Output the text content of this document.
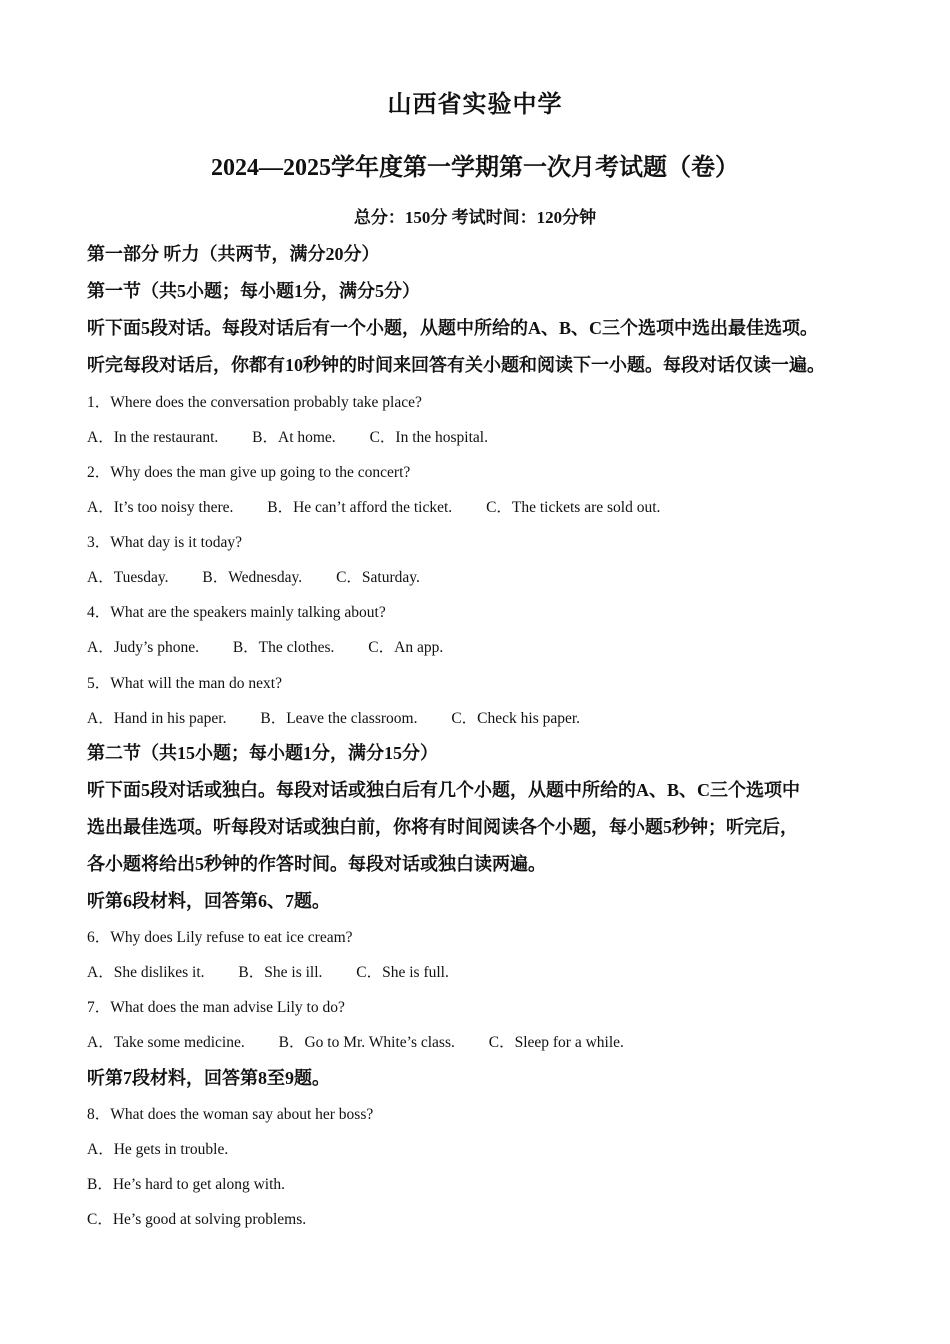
山西省实验中学
2024—2025学年度第一学期第一次月考试题（卷）
总分：150分 考试时间：120分钟
第一部分 听力（共两节，满分20分）
第一节（共5小题；每小题1分，满分5分）
听下面5段对话。每段对话后有一个小题，从题中所给的A、B、C三个选项中选出最佳选项。
听完每段对话后，你都有10秒钟的时间来回答有关小题和阅读下一小题。每段对话仅读一遍。
1．Where does the conversation probably take place?
A．In the restaurant. B．At home. C．In the hospital.
2．Why does the man give up going to the concert?
A．It’s too noisy there. B．He can’t afford the ticket. C．The tickets are sold out.
3．What day is it today?
A．Tuesday. B．Wednesday. C．Saturday.
4．What are the speakers mainly talking about?
A．Judy’s phone. B．The clothes. C．An app.
5．What will the man do next?
A．Hand in his paper. B．Leave the classroom. C．Check his paper.
第二节（共15小题；每小题1分，满分15分）
听下面5段对话或独白。每段对话或独白后有几个小题，从题中所给的A、B、C三个选项中
选出最佳选项。听每段对话或独白前，你将有时间阅读各个小题，每小题5秒钟；听完后，
各小题将给出5秒钟的作答时间。每段对话或独白读两遍。
听第6段材料，回答第6、7题。
6．Why does Lily refuse to eat ice cream?
A．She dislikes it. B．She is ill. C．She is full.
7．What does the man advise Lily to do?
A．Take some medicine. B．Go to Mr. White’s class. C．Sleep for a while.
听第7段材料，回答第8至9题。
8．What does the woman say about her boss?
A．He gets in trouble.
B．He’s hard to get along with.
C．He’s good at solving problems.
